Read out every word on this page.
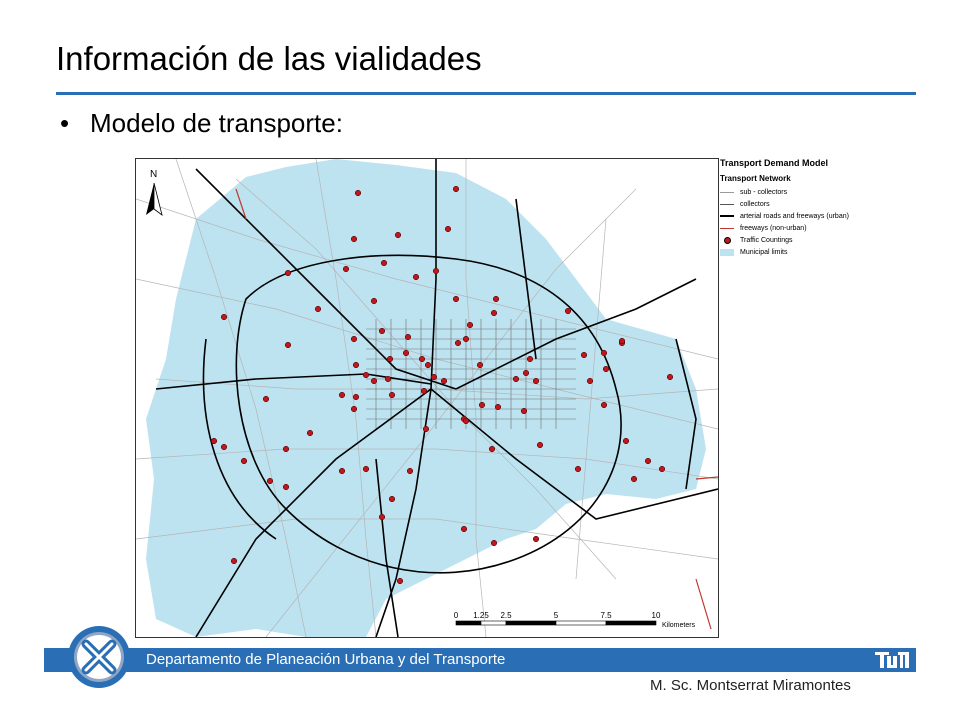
Información de las vialidades
• Modelo de transporte:
N
0 1.25 2.5	5	7.5	10
Kilometers
Transport Demand Model
Transport Network
sub - collectors
collectors
arterial roads and freeways (urban)
freeways (non-urban)
Traffic Countings
Municipal limits
Departamento de Planeación Urbana y del Transporte
M. Sc. Montserrat Miramontes
